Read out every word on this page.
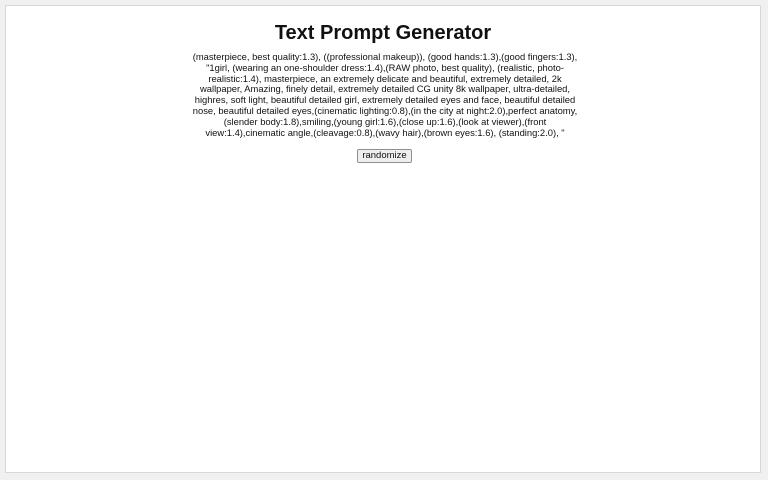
Text Prompt Generator

(masterpiece, best quality:1.3), ((professional makeup)), (good hands:1.3),(good fingers:1.3), "1girl, (wearing an one-shoulder dress:1.4),(RAW photo, best quality), (realistic, photo-realistic:1.4), masterpiece, an extremely delicate and beautiful, extremely detailed, 2k wallpaper, Amazing, finely detail, extremely detailed CG unity 8k wallpaper, ultra-detailed, highres, soft light, beautiful detailed girl, extremely detailed eyes and face, beautiful detailed nose, beautiful detailed eyes,(cinematic lighting:0.8),(in the city at night:2.0),perfect anatomy,(slender body:1.8),smiling,(young girl:1.6),(close up:1.6),(look at viewer),(front view:1.4),cinematic angle,(cleavage:0.8),(wavy hair),(brown eyes:1.6), (standing:2.0), "

randomize
